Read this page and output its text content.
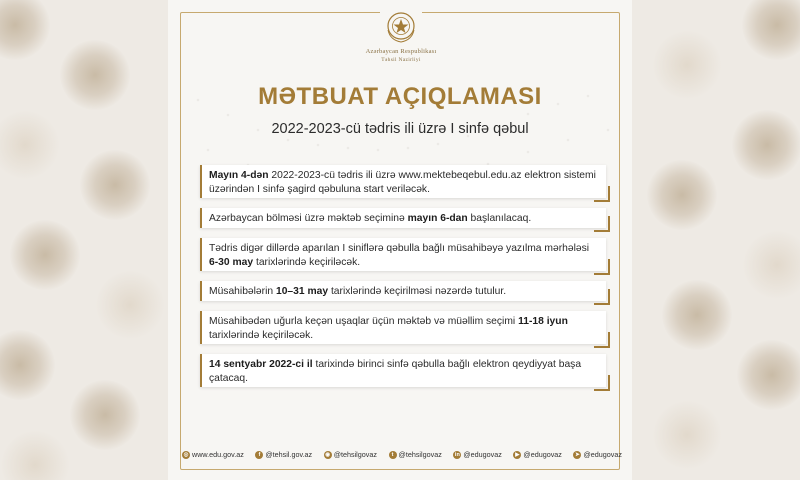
Azərbaycan Respublikası
Təhsil Nazirliyi
MƏTBUAT AÇIQLAMASI
2022-2023-cü tədris ili üzrə I sinfə qəbul
Mayın 4-dən 2022-2023-cü tədris ili üzrə www.mektebeqebul.edu.az elektron sistemi üzərindən I sinfə şagird qəbuluna start veriləcək.
Azərbaycan bölməsi üzrə məktəb seçiminə mayın 6-dan başlanılacaq.
Tədris digər dillərdə aparılan I siniflərə qəbulla bağlı müsahibəyə yazılma mərhələsi 6-30 may tarixlərində keçiriləcək.
Müsahibələrin 10–31 may tarixlərində keçirilməsi nəzərdə tutulur.
Müsahibədən uğurla keçən uşaqlar üçün məktəb və müəllim seçimi 11-18 iyun tarixlərində keçiriləcək.
14 sentyabr 2022-ci il tarixində birinci sinfə qəbulla bağlı elektron qeydiyyat başa çatacaq.
◎ www.edu.gov.az	f @tehsil.gov.az ◉ @tehsilgovaz	t @tehsilgovaz in @edugovaz	▶ @edugovaz	➤ @edugovaz
